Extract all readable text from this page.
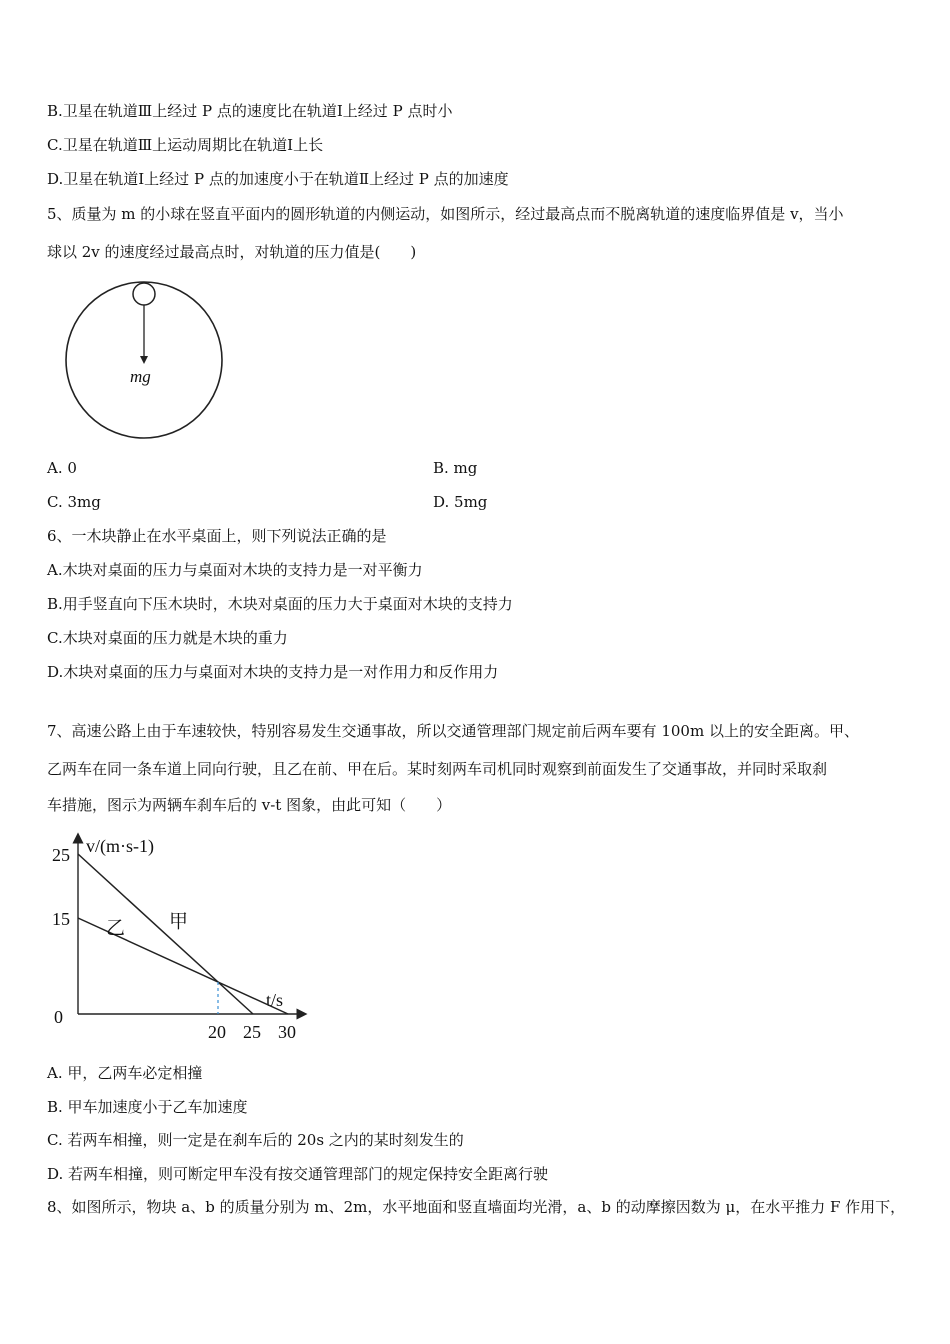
B.卫星在轨道Ⅲ上经过 P 点的速度比在轨道Ⅰ上经过 P 点时小
C.卫星在轨道Ⅲ上运动周期比在轨道Ⅰ上长
D.卫星在轨道Ⅰ上经过 P 点的加速度小于在轨道Ⅱ上经过 P 点的加速度
5、质量为 m 的小球在竖直平面内的圆形轨道的内侧运动，如图所示，经过最高点而不脱离轨道的速度临界值是 v，当小
球以 2v 的速度经过最高点时，对轨道的压力值是(　　)
mg
A. 0	B. mg
C. 3mg	D. 5mg
6、一木块静止在水平桌面上，则下列说法正确的是
A.木块对桌面的压力与桌面对木块的支持力是一对平衡力
B.用手竖直向下压木块时，木块对桌面的压力大于桌面对木块的支持力
C.木块对桌面的压力就是木块的重力
D.木块对桌面的压力与桌面对木块的支持力是一对作用力和反作用力
7、高速公路上由于车速较快，特别容易发生交通事故，所以交通管理部门规定前后两车要有 100m 以上的安全距离。甲、
乙两车在同一条车道上同向行驶，且乙在前、甲在后。某时刻两车司机同时观察到前面发生了交通事故，并同时采取刹
车措施，图示为两辆车刹车后的 v-t 图象，由此可知（　　）
v/(m·s-1)
t/s
0
甲
乙
20 25 30
25
15
A. 甲，乙两车必定相撞
B. 甲车加速度小于乙车加速度
C. 若两车相撞，则一定是在刹车后的 20s 之内的某时刻发生的
D. 若两车相撞，则可断定甲车没有按交通管理部门的规定保持安全距离行驶
8、如图所示，物块 a、b 的质量分别为 m、2m，水平地面和竖直墙面均光滑，a、b 的动摩擦因数为 μ，在水平推力 F 作用下，
